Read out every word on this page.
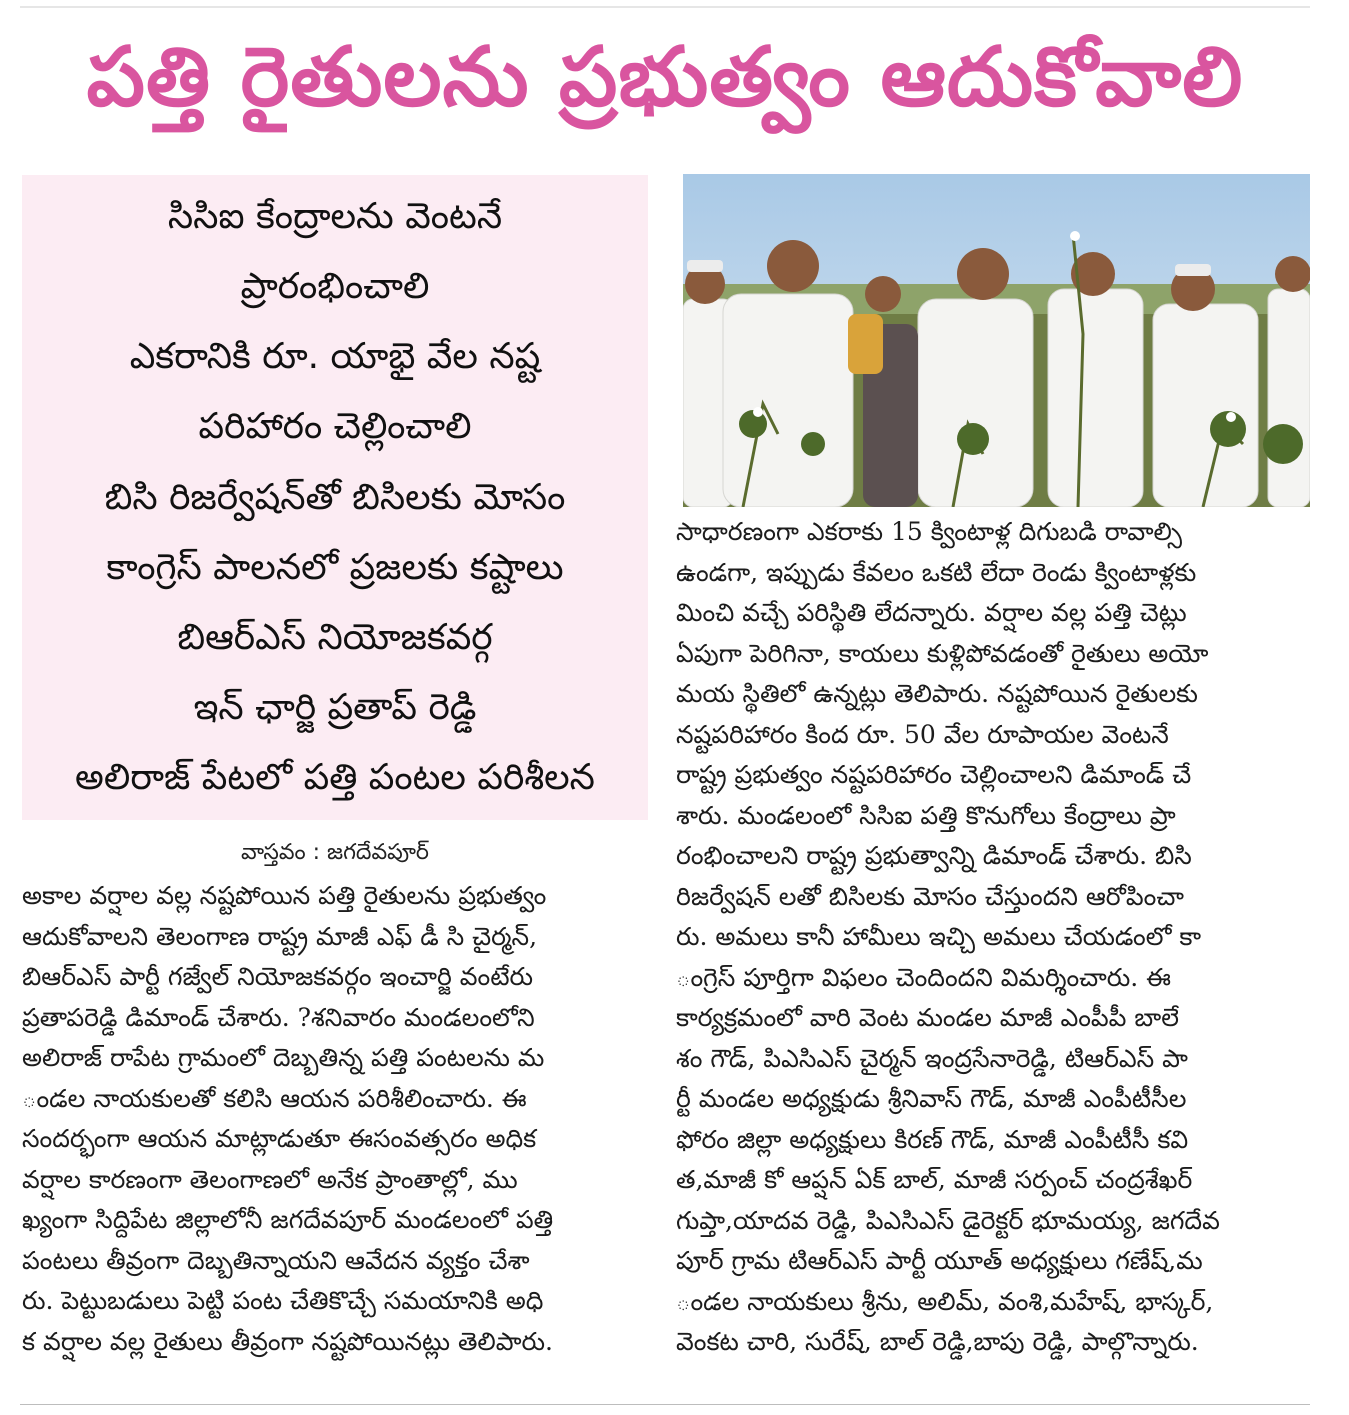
పత్తి రైతులను ప్రభుత్వం ఆదుకోవాలి
సిసిఐ కేంద్రాలను వెంటనే
ప్రారంభించాలి
ఎకరానికి రూ. యాభై వేల నష్ట
పరిహారం చెల్లించాలి
బిసి రిజర్వేషన్‌తో బిసిలకు మోసం
కాంగ్రెస్ పాలనలో ప్రజలకు కష్టాలు
బిఆర్ఎస్ నియోజకవర్గ
ఇన్ ఛార్జి ప్రతాప్ రెడ్డి
అలిరాజ్ పేటలో పత్తి పంటల పరిశీలన
వాస్తవం : జగదేవపూర్
అకాల వర్షాల వల్ల నష్టపోయిన పత్తి రైతులను ప్రభుత్వం
ఆదుకోవాలని తెలంగాణ రాష్ట్ర మాజీ ఎఫ్ డీ సి చైర్మన్,
బిఆర్ఎస్ పార్టీ గజ్వేల్ నియోజకవర్గం ఇంచార్జి వంటేరు
ప్రతాపరెడ్డి డిమాండ్ చేశారు. ?శనివారం మండలంలోని
అలిరాజ్ రాపేట గ్రామంలో దెబ్బతిన్న పత్తి పంటలను మ
ండల నాయకులతో కలిసి ఆయన పరిశీలించారు. ఈ
సందర్భంగా ఆయన మాట్లాడుతూ ఈసంవత్సరం అధిక
వర్షాల కారణంగా తెలంగాణలో అనేక ప్రాంతాల్లో, ము
ఖ్యంగా సిద్దిపేట జిల్లాలోనీ జగదేవపూర్ మండలంలో పత్తి
పంటలు తీవ్రంగా దెబ్బతిన్నాయని ఆవేదన వ్యక్తం చేశా
రు. పెట్టుబడులు పెట్టి పంట చేతికొచ్చే సమయానికి అధి
క వర్షాల వల్ల రైతులు తీవ్రంగా నష్టపోయినట్లు తెలిపారు.
సాధారణంగా ఎకరాకు 15 క్వింటాళ్ల దిగుబడి రావాల్సి
ఉండగా, ఇప్పుడు కేవలం ఒకటి లేదా రెండు క్వింటాళ్లకు
మించి వచ్చే పరిస్థితి లేదన్నారు. వర్షాల వల్ల పత్తి చెట్లు
ఏపుగా పెరిగినా, కాయలు కుళ్లిపోవడంతో రైతులు అయో
మయ స్థితిలో ఉన్నట్లు తెలిపారు. నష్టపోయిన రైతులకు
నష్టపరిహారం కింద రూ. 50 వేల రూపాయల వెంటనే
రాష్ట్ర ప్రభుత్వం నష్టపరిహారం చెల్లించాలని డిమాండ్ చే
శారు. మండలంలో సిసిఐ పత్తి కొనుగోలు కేంద్రాలు ప్రా
రంభించాలని రాష్ట్ర ప్రభుత్వాన్ని డిమాండ్ చేశారు. బిసి
రిజర్వేషన్ లతో బిసిలకు మోసం చేస్తుందని ఆరోపించా
రు. అమలు కానీ హామీలు ఇచ్చి అమలు చేయడంలో కా
ంగ్రెస్ పూర్తిగా విఫలం చెందిందని విమర్శించారు. ఈ
కార్యక్రమంలో వారి వెంట మండల మాజీ ఎంపీపీ బాలే
శం గౌడ్, పిఎసిఎస్ చైర్మన్ ఇంద్రసేనారెడ్డి, టిఆర్ఎస్ పా
ర్టీ మండల అధ్యక్షుడు శ్రీనివాస్ గౌడ్, మాజీ ఎంపీటీసీల
ఫోరం జిల్లా అధ్యక్షులు కిరణ్ గౌడ్, మాజీ ఎంపీటీసీ కవి
త,మాజీ కో ఆప్షన్ ఏక్ బాల్, మాజీ సర్పంచ్ చంద్రశేఖర్
గుప్తా,యాదవ రెడ్డి, పిఎసిఎస్ డైరెక్టర్ భూమయ్య, జగదేవ
పూర్ గ్రామ టిఆర్ఎస్ పార్టీ యూత్ అధ్యక్షులు గణేష్,మ
ండల నాయకులు శ్రీను, అలిమ్, వంశి,మహేష్, భాస్కర్,
వెంకట చారి, సురేష్, బాల్ రెడ్డి,బాపు రెడ్డి, పాల్గొన్నారు.
